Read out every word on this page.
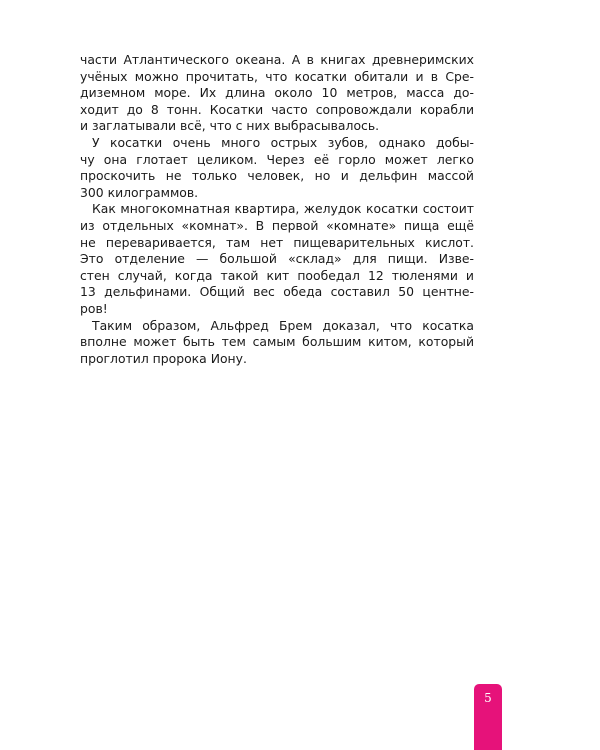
части Атлантического океана. А в книгах древнеримских
учёных можно прочитать, что косатки обитали и в Сре-
диземном море. Их длина около 10 метров, масса до-
ходит до 8 тонн. Косатки часто сопровождали корабли
и заглатывали всё, что с них выбрасывалось.
У косатки очень много острых зубов, однако добы-
чу она глотает целиком. Через её горло может легко
проскочить не только человек, но и дельфин массой
300 килограммов.
Как многокомнатная квартира, желудок косатки состоит
из отдельных «комнат». В первой «комнате» пища ещё
не переваривается, там нет пищеварительных кислот.
Это отделение — большой «склад» для пищи. Изве-
стен случай, когда такой кит пообедал 12 тюленями и
13 дельфинами. Общий вес обеда составил 50 центне-
ров!
Таким образом, Альфред Брем доказал, что косатка
вполне может быть тем самым большим китом, который
проглотил пророка Иону.
5
